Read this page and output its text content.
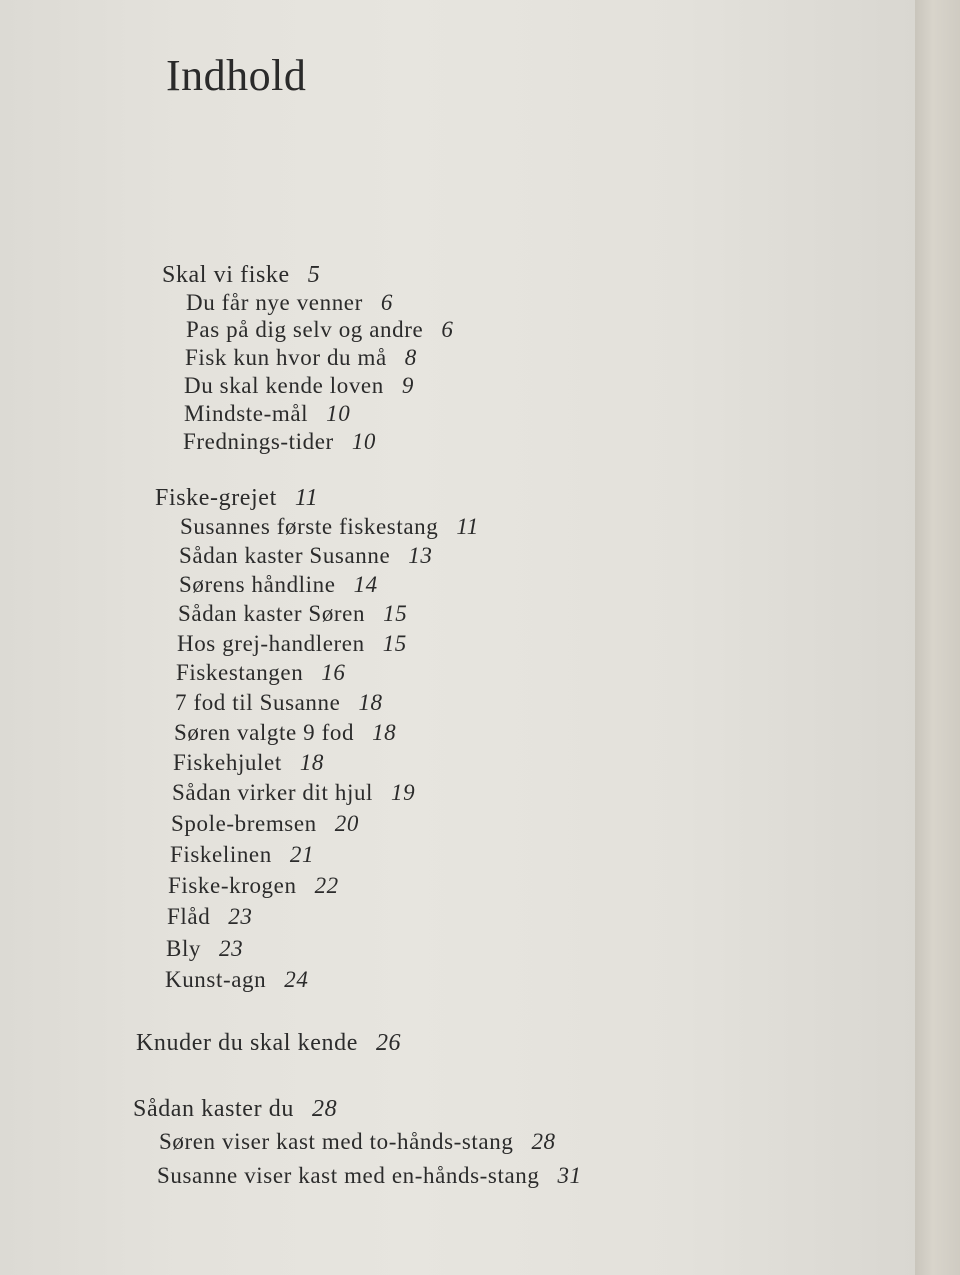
Indhold
Skal vi fiske 5
Du får nye venner 6
Pas på dig selv og andre 6
Fisk kun hvor du må 8
Du skal kende loven 9
Mindste-mål 10
Frednings-tider 10
Fiske-grejet 11
Susannes første fiskestang 11
Sådan kaster Susanne 13
Sørens håndline 14
Sådan kaster Søren 15
Hos grej-handleren 15
Fiskestangen 16
7 fod til Susanne 18
Søren valgte 9 fod 18
Fiskehjulet 18
Sådan virker dit hjul 19
Spole-bremsen 20
Fiskelinen 21
Fiske-krogen 22
Flåd 23
Bly 23
Kunst-agn 24
Knuder du skal kende 26
Sådan kaster du 28
Søren viser kast med to-hånds-stang 28
Susanne viser kast med en-hånds-stang 31
